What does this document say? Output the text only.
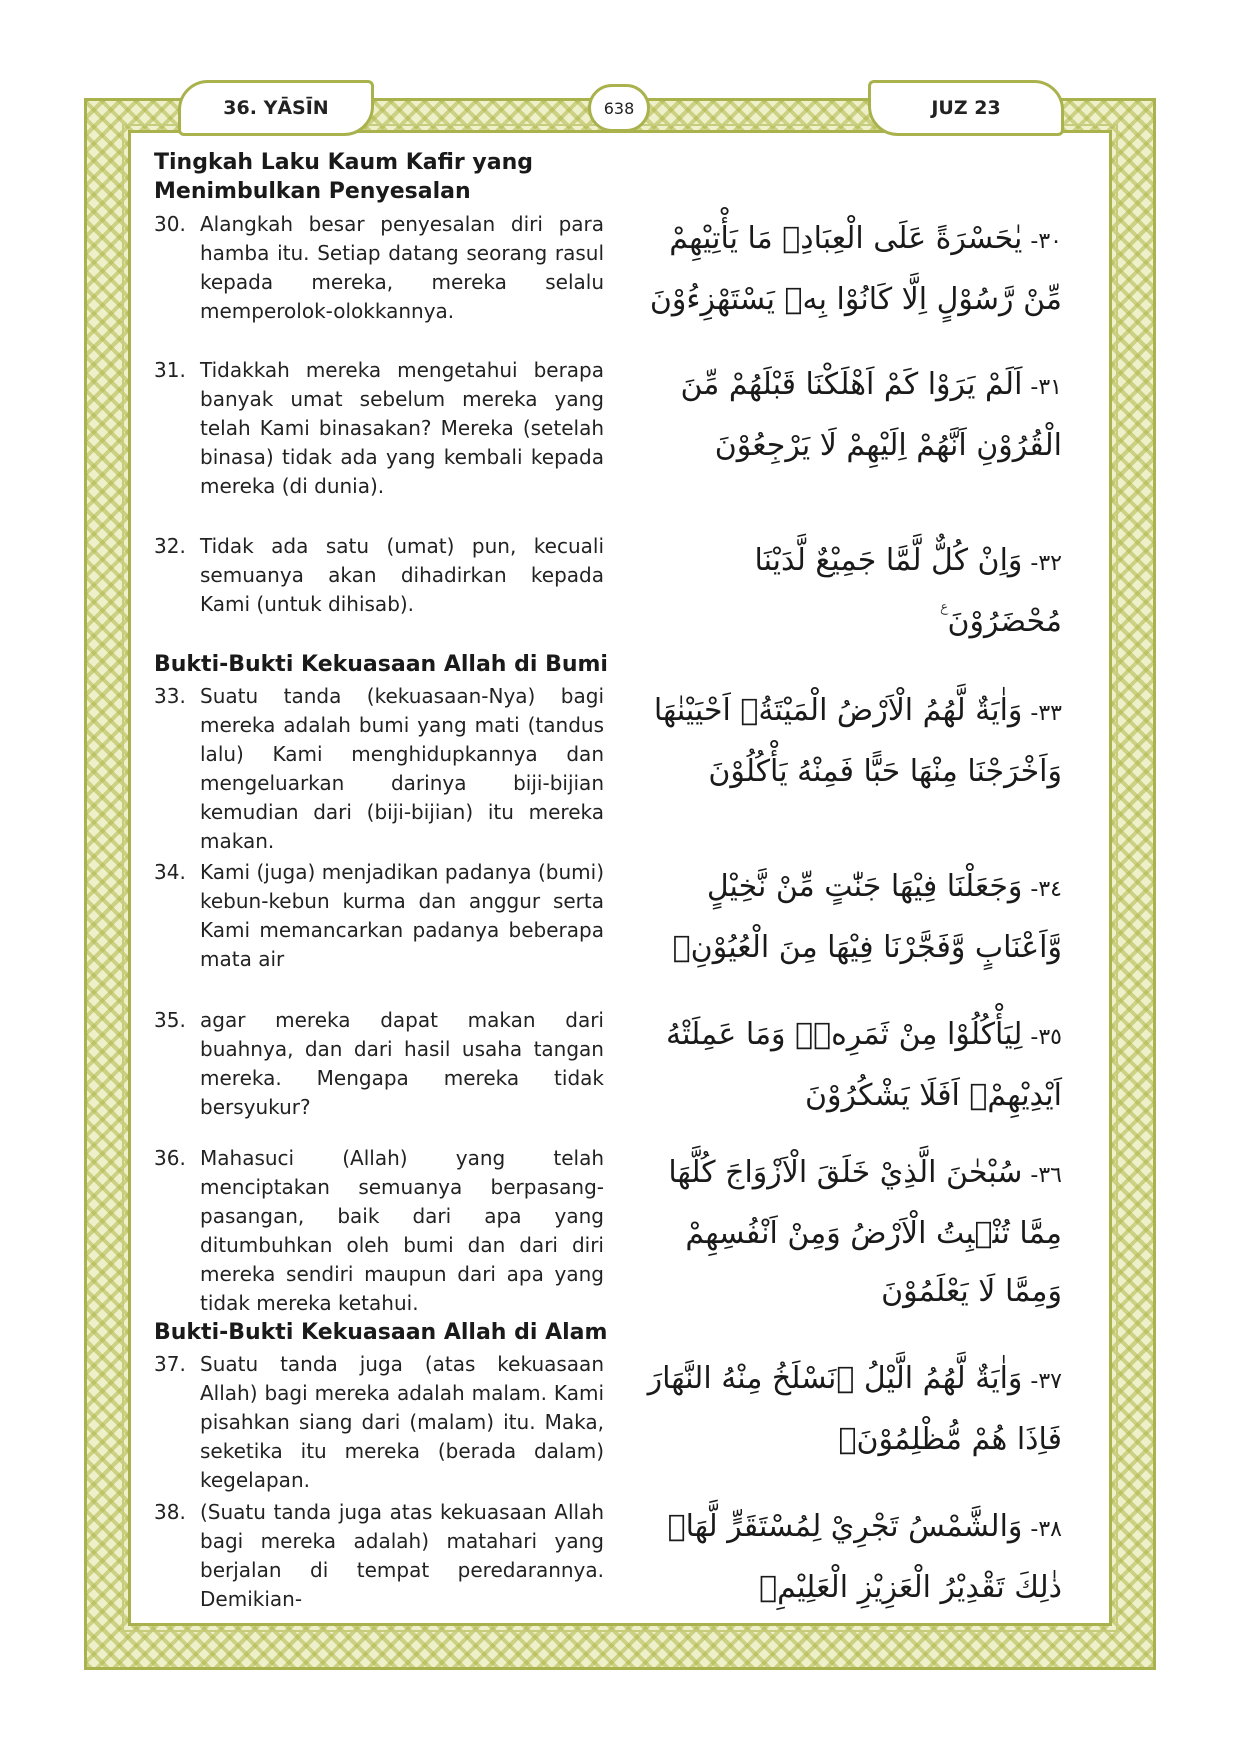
36. YĀSĪN	638	JUZ 23
Tingkah Laku Kaum Kafir yang Menimbulkan Penyesalan
30. Alangkah besar penyesalan diri para hamba itu. Setiap datang seorang rasul kepada mereka, mereka selalu memperolok-olokkannya.
٣٠-يٰحَسْرَةً عَلَى الْعِبَادِۚ مَا يَأْتِيْهِمْ مِّنْ رَّسُوْلٍ اِلَّا كَانُوْا بِهٖ يَسْتَهْزِءُوْنَ
31. Tidakkah mereka mengetahui berapa banyak umat sebelum mereka yang telah Kami binasakan? Mereka (setelah binasa) tidak ada yang kembali kepada mereka (di dunia).
٣١-اَلَمْ يَرَوْا كَمْ اَهْلَكْنَا قَبْلَهُمْ مِّنَ الْقُرُوْنِ اَنَّهُمْ اِلَيْهِمْ لَا يَرْجِعُوْنَ
32. Tidak ada satu (umat) pun, kecuali semuanya akan dihadirkan kepada Kami (untuk dihisab).
٣٢-وَاِنْ كُلٌّ لَّمَّا جَمِيْعٌ لَّدَيْنَا مُحْضَرُوْنَ ࣖ
Bukti-Bukti Kekuasaan Allah di Bumi
33. Suatu tanda (kekuasaan-Nya) bagi mereka adalah bumi yang mati (tandus lalu) Kami menghidupkannya dan mengeluarkan darinya biji-bijian kemudian dari (biji-bijian) itu mereka makan.
٣٣-وَاٰيَةٌ لَّهُمُ الْاَرْضُ الْمَيْتَةُۖ اَحْيَيْنٰهَا وَاَخْرَجْنَا مِنْهَا حَبًّا فَمِنْهُ يَأْكُلُوْنَ
34. Kami (juga) menjadikan padanya (bumi) kebun-kebun kurma dan anggur serta Kami memancarkan padanya beberapa mata air
٣٤-وَجَعَلْنَا فِيْهَا جَنّٰتٍ مِّنْ نَّخِيْلٍ وَّاَعْنَابٍ وَّفَجَّرْنَا فِيْهَا مِنَ الْعُيُوْنِۙ
35. agar mereka dapat makan dari buahnya, dan dari hasil usaha tangan mereka. Mengapa mereka tidak bersyukur?
٣٥-لِيَأْكُلُوْا مِنْ ثَمَرِهٖۙ وَمَا عَمِلَتْهُ اَيْدِيْهِمْۗ اَفَلَا يَشْكُرُوْنَ
36. Mahasuci (Allah) yang telah menciptakan semuanya berpasang-pasangan, baik dari apa yang ditumbuhkan oleh bumi dan dari diri mereka sendiri maupun dari apa yang tidak mereka ketahui.
٣٦-سُبْحٰنَ الَّذِيْ خَلَقَ الْاَزْوَاجَ كُلَّهَا مِمَّا تُنْۢبِتُ الْاَرْضُ وَمِنْ اَنْفُسِهِمْ وَمِمَّا لَا يَعْلَمُوْنَ
Bukti-Bukti Kekuasaan Allah di Alam
37. Suatu tanda juga (atas kekuasaan Allah) bagi mereka adalah malam. Kami pisahkan siang dari (malam) itu. Maka, seketika itu mereka (berada dalam) kegelapan.
٣٧-وَاٰيَةٌ لَّهُمُ الَّيْلُ ۖنَسْلَخُ مِنْهُ النَّهَارَ فَاِذَا هُمْ مُّظْلِمُوْنَۙ
38. (Suatu tanda juga atas kekuasaan Allah bagi mereka adalah) matahari yang berjalan di tempat peredarannya. Demikian-
٣٨-وَالشَّمْسُ تَجْرِيْ لِمُسْتَقَرٍّ لَّهَاۗ ذٰلِكَ تَقْدِيْرُ الْعَزِيْزِ الْعَلِيْمِۗ
